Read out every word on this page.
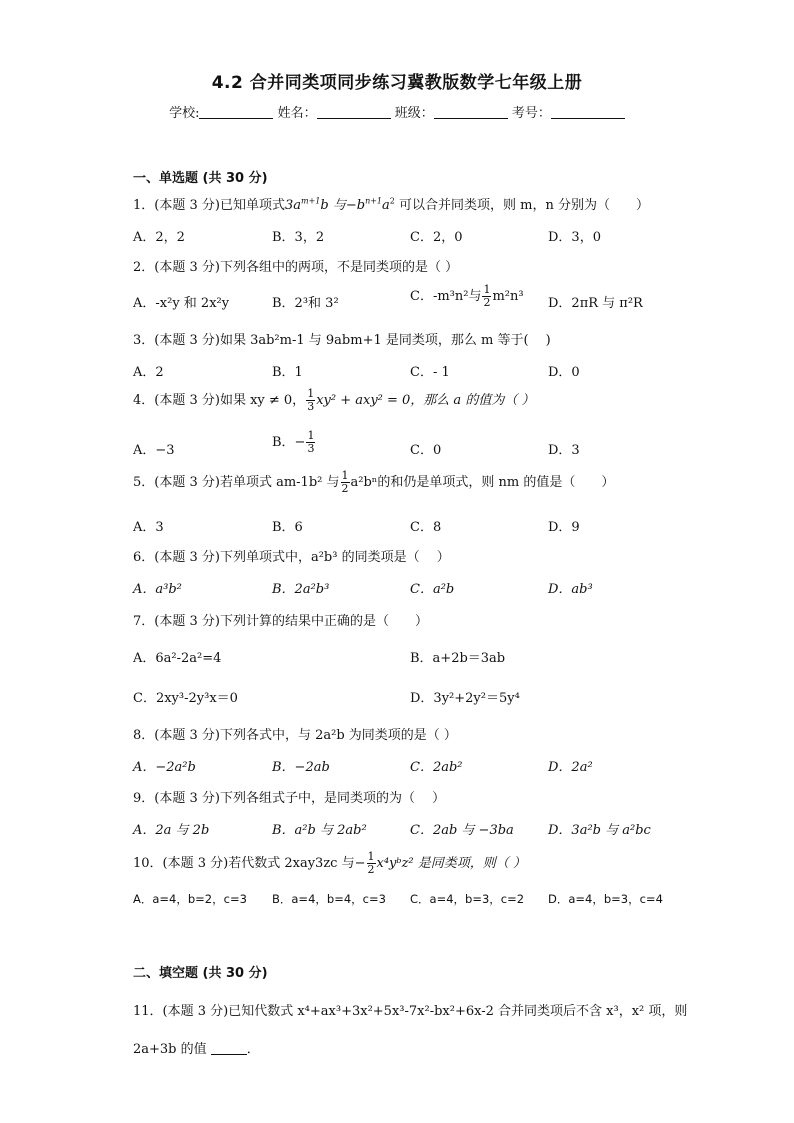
4.2 合并同类项同步练习冀教版数学七年级上册
学校:	姓名：	班级：	考号：
一、单选题 (共 30 分)
1．(本题 3 分)已知单项式$3a^{m+1}b$ 与$-b^{n+1}a^2$ 可以合并同类项，则 m，n 分别为（　　）
A．2，2	B．3，2	C．2，0	D．3，0
2．(本题 3 分)下列各组中的两项，不是同类项的是（ ）
A．-x²y 和 2x²y	B．2³和 3²	C．-m³n²与 $\frac{1}{2} m^2n^3$ D．2πR 与 π²R
3．(本题 3 分)如果 3ab²m-1 与 9abm+1 是同类项，那么 m 等于(　 )
A．2	B．1	C．- 1	D．0
4．(本题 3 分)如果 xy ≠ 0， $\frac{1}{3} xy^2 + axy^2 = 0$，那么 a 的值为（ ）
A．−3
B．− $\frac{1}{3}$	C．0	D．3
5．(本题 3 分)若单项式 am-1b² 与 $\frac{1}{2} a^2b^n$的和仍是单项式，则 nm 的值是（　　）
A．3	B．6	C．8	D．9
6．(本题 3 分)下列单项式中，a²b³ 的同类项是（　 ）
A．a³b²	B．2a²b³	C．a²b	D．ab³
7．(本题 3 分)下列计算的结果中正确的是（　　）
A．6a²-2a²=4	B．a+2b＝3ab
C．2xy³-2y³x＝0	D．3y²+2y²＝5y⁴
8．(本题 3 分)下列各式中，与 2a²b 为同类项的是（ ）
A．−2a²b	B．−2ab	C．2ab²	D．2a²
9．(本题 3 分)下列各组式子中，是同类项的为（　 ）
A．2a 与 2b	B．a²b 与 2ab²	C．2ab 与 −3ba	D．3a²b 与 a²bc
10．(本题 3 分)若代数式 2xay3zc 与− $\frac{1}{2}$ x⁴yᵇz² 是同类项，则（ ）
A．a=4，b=2，c=3 B．a=4，b=4，c=3 C．a=4，b=3，c=2 D．a=4，b=3，c=4
二、填空题 (共 30 分)
11．(本题 3 分)已知代数式 x⁴+ax³+3x²+5x³-7x²-bx²+6x-2 合并同类项后不含 x³，x² 项，则
2a+3b 的值	．
